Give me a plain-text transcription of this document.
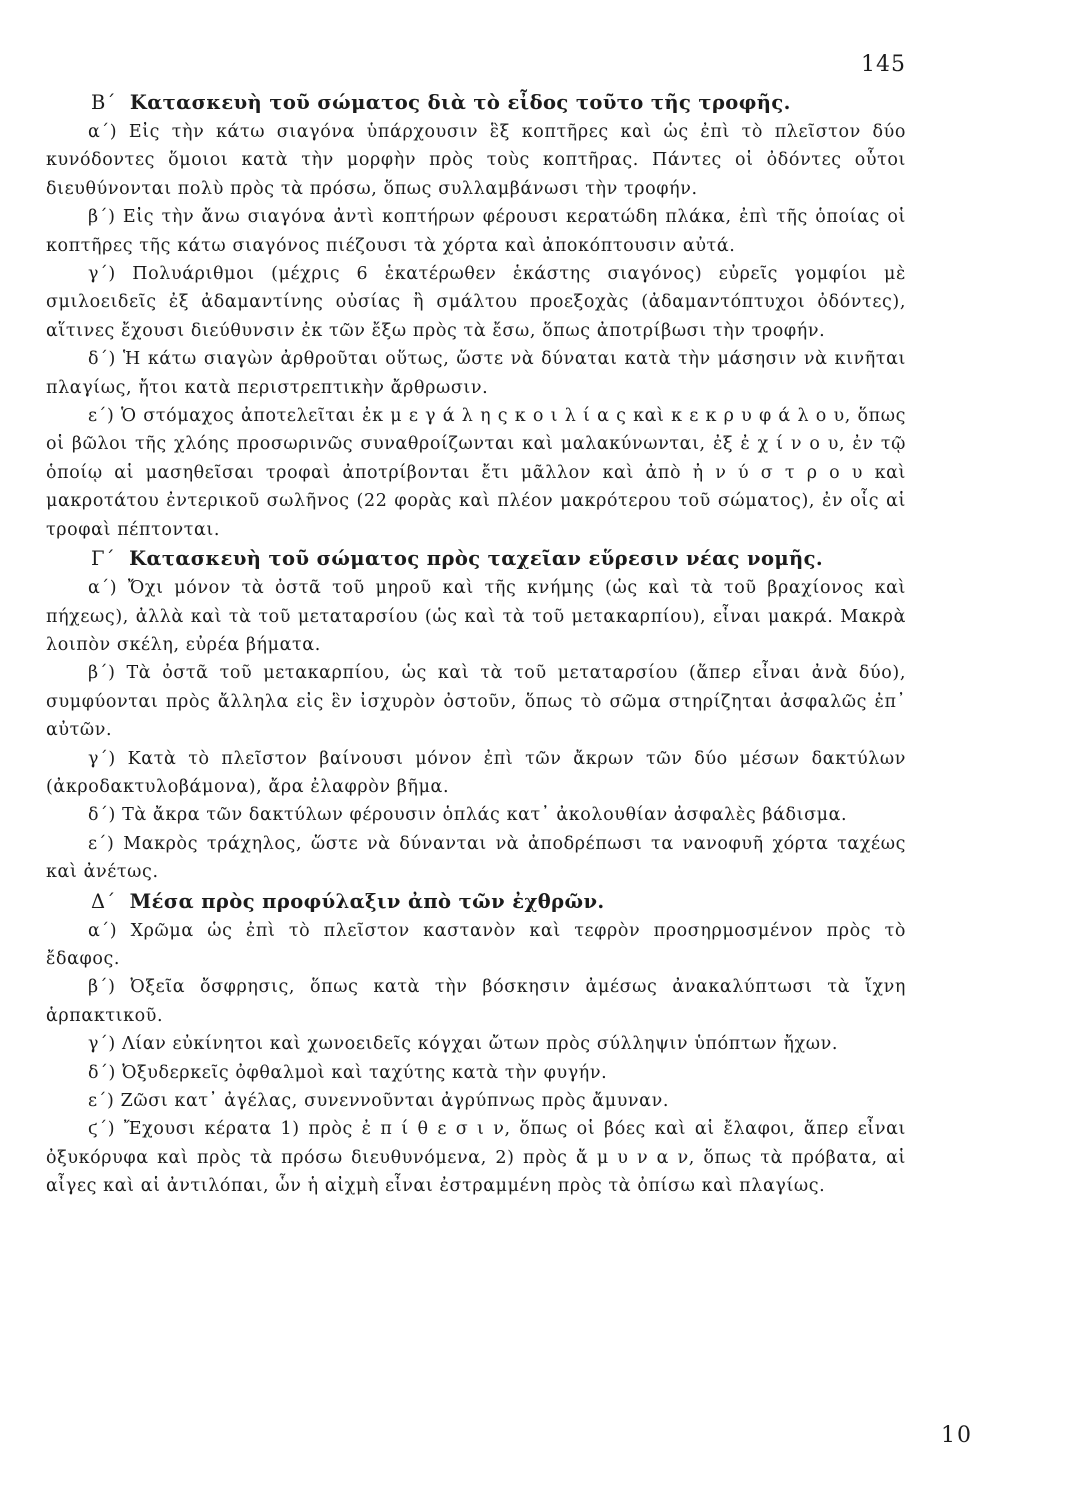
145
Β΄ Κατασκευὴ τοῦ σώματος διὰ τὸ εἶδος τοῦτο τῆς τροφῆς.

α΄) Εἰς τὴν κάτω σιαγόνα ὑπάρχουσιν ἓξ κοπτῆρες καὶ ὡς ἐπὶ τὸ πλεῖστον δύο κυνόδοντες ὅμοιοι κατὰ τὴν μορφὴν πρὸς τοὺς κοπτῆρας. Πάντες οἱ ὀδόντες οὗτοι διευθύνονται πολὺ πρὸς τὰ πρόσω, ὅπως συλλαμβάνωσι τὴν τροφήν.

β΄) Εἰς τὴν ἄνω σιαγόνα ἀντὶ κοπτήρων φέρουσι κερατώδη πλάκα, ἐπὶ τῆς ὁποίας οἱ κοπτῆρες τῆς κάτω σιαγόνος πιέζουσι τὰ χόρτα καὶ ἀποκόπτουσιν αὐτά.

γ΄) Πολυάριθμοι (μέχρις 6 ἑκατέρωθεν ἑκάστης σιαγόνος) εὐρεῖς γομφίοι μὲ σμιλοειδεῖς ἐξ ἀδαμαντίνης οὐσίας ἢ σμάλτου προεξοχὰς (ἀδαμαντόπτυχοι ὀδόντες), αἵτινες ἔχουσι διεύθυνσιν ἐκ τῶν ἔξω πρὸς τὰ ἔσω, ὅπως ἀποτρίβωσι τὴν τροφήν.

δ΄) Ἡ κάτω σιαγὼν ἀρθροῦται οὕτως, ὥστε νὰ δύναται κατὰ τὴν μάσησιν νὰ κινῆται πλαγίως, ἤτοι κατὰ περιστρεπτικὴν ἄρθρωσιν.

ε΄) Ὁ στόμαχος ἀποτελεῖται ἐκ μ ε γ ά λ η ς κ ο ι λ ί α ς καὶ κ ε κ ρ υ φ ά λ ο υ, ὅπως οἱ βῶλοι τῆς χλόης προσωρινῶς συναθροίζωνται καὶ μαλακύνωνται, ἐξ ἐ χ ί ν ο υ, ἐν τῷ ὁποίῳ αἱ μασηθεῖσαι τροφαὶ ἀποτρίβονται ἔτι μᾶλλον καὶ ἀπὸ ἠ ν ύ σ τ ρ ο υ καὶ μακροτάτου ἐντερικοῦ σωλῆνος (22 φορὰς καὶ πλέον μακρότερου τοῦ σώματος), ἐν οἷς αἱ τροφαὶ πέπτονται.

Γ΄ Κατασκευὴ τοῦ σώματος πρὸς ταχεῖαν εὕρεσιν νέας νομῆς.

α΄) Ὄχι μόνον τὰ ὀστᾶ τοῦ μηροῦ καὶ τῆς κνήμης (ὡς καὶ τὰ τοῦ βραχίονος καὶ πήχεως), ἀλλὰ καὶ τὰ τοῦ μεταταρσίου (ὡς καὶ τὰ τοῦ μετακαρπίου), εἶναι μακρά. Μακρὰ λοιπὸν σκέλη, εὐρέα βήματα.

β΄) Τὰ ὀστᾶ τοῦ μετακαρπίου, ὡς καὶ τὰ τοῦ μεταταρσίου (ἅπερ εἶναι ἀνὰ δύο), συμφύονται πρὸς ἄλληλα εἰς ἓν ἰσχυρὸν ὀστοῦν, ὅπως τὸ σῶμα στηρίζηται ἀσφαλῶς ἐπ᾽ αὐτῶν.

γ΄) Κατὰ τὸ πλεῖστον βαίνουσι μόνον ἐπὶ τῶν ἄκρων τῶν δύο μέσων δακτύλων (ἀκροδακτυλοβάμονα), ἄρα ἐλαφρὸν βῆμα.

δ΄) Τὰ ἄκρα τῶν δακτύλων φέρουσιν ὁπλάς κατ᾽ ἀκολουθίαν ἀσφαλὲς βάδισμα.

ε΄) Μακρὸς τράχηλος, ὥστε νὰ δύνανται νὰ ἀποδρέπωσι τα νανοφυῆ χόρτα ταχέως καὶ ἀνέτως.

Δ΄ Μέσα πρὸς προφύλαξιν ἀπὸ τῶν ἐχθρῶν.

α΄) Χρῶμα ὡς ἐπὶ τὸ πλεῖστον καστανὸν καὶ τεφρὸν προσηρμοσμένον πρὸς τὸ ἔδαφος.

β΄) Ὀξεῖα ὄσφρησις, ὅπως κατὰ τὴν βόσκησιν ἀμέσως ἀνακαλύπτωσι τὰ ἴχνη ἁρπακτικοῦ.

γ΄) Λίαν εὐκίνητοι καὶ χωνοειδεῖς κόγχαι ὤτων πρὸς σύλληψιν ὑπόπτων ἤχων.

δ΄) Ὀξυδερκεῖς ὀφθαλμοὶ καὶ ταχύτης κατὰ τὴν φυγήν.

ε΄) Ζῶσι κατ᾽ ἀγέλας, συνεννοῦνται ἀγρύπνως πρὸς ἄμυναν.

ϛ΄) Ἔχουσι κέρατα 1) πρὸς ἐ π ί θ ε σ ι ν, ὅπως οἱ βόες καὶ αἱ ἔλαφοι, ἅπερ εἶναι ὀξυκόρυφα καὶ πρὸς τὰ πρόσω διευθυνόμενα, 2) πρὸς ἄ μ υ ν α ν, ὅπως τὰ πρόβατα, αἱ αἶγες καὶ αἱ ἀντιλόπαι, ὧν ἡ αἰχμὴ εἶναι ἐστραμμένη πρὸς τὰ ὀπίσω καὶ πλαγίως.

10
